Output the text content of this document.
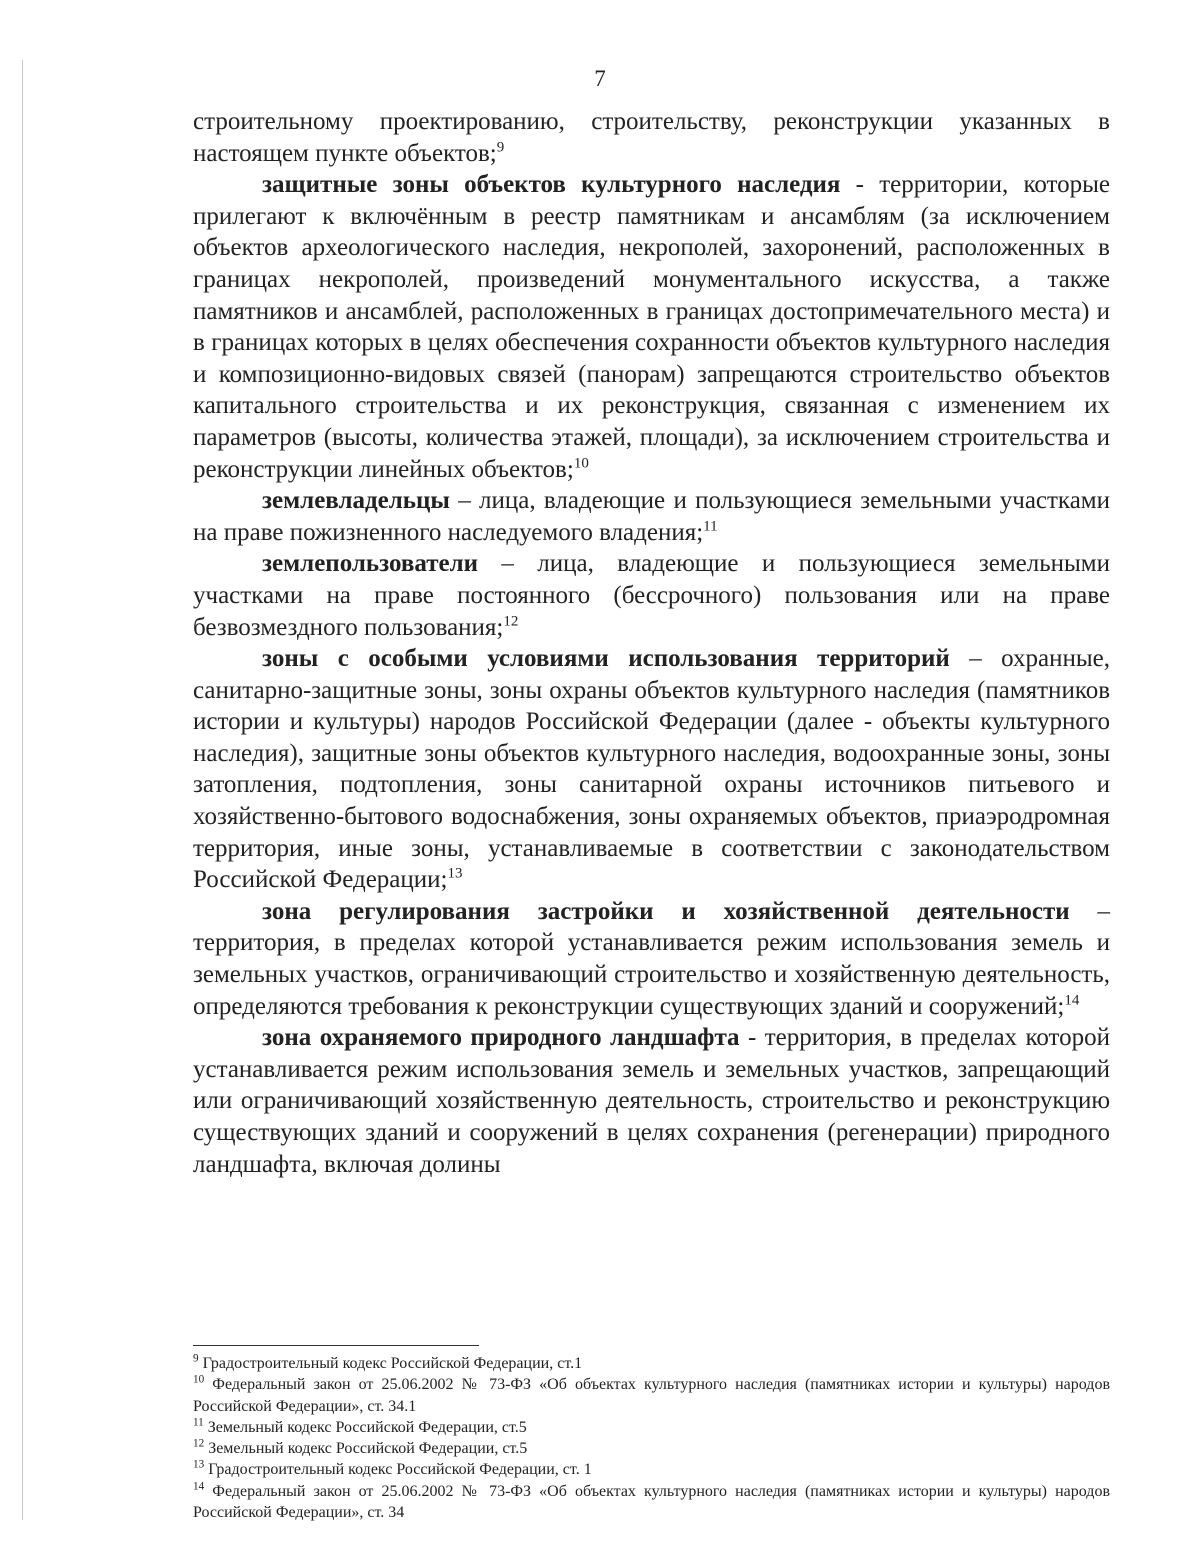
7

строительному проектированию, строительству, реконструкции указанных в настоящем пункте объектов;$^9$

защитные зоны объектов культурного наследия - территории, которые прилегают к включённым в реестр памятникам и ансамблям (за исключением объектов археологического наследия, некрополей, захоронений, расположенных в границах некрополей, произведений монументального искусства, а также памятников и ансамблей, расположенных в границах достопримечательного места) и в границах которых в целях обеспечения сохранности объектов культурного наследия и композиционно-видовых связей (панорам) запрещаются строительство объектов капитального строительства и их реконструкция, связанная с изменением их параметров (высоты, количества этажей, площади), за исключением строительства и реконструкции линейных объектов;$^{10}$

землевладельцы – лица, владеющие и пользующиеся земельными участками на праве пожизненного наследуемого владения;$^{11}$

землепользователи – лица, владеющие и пользующиеся земельными участками на праве постоянного (бессрочного) пользования или на праве безвозмездного пользования;$^{12}$

зоны с особыми условиями использования территорий – охранные, санитарно-защитные зоны, зоны охраны объектов культурного наследия (памятников истории и культуры) народов Российской Федерации (далее - объекты культурного наследия), защитные зоны объектов культурного наследия, водоохранные зоны, зоны затопления, подтопления, зоны санитарной охраны источников питьевого и хозяйственно-бытового водоснабжения, зоны охраняемых объектов, приаэродромная территория, иные зоны, устанавливаемые в соответствии с законодательством Российской Федерации;$^{13}$

зона регулирования застройки и хозяйственной деятельности – территория, в пределах которой устанавливается режим использования земель и земельных участков, ограничивающий строительство и хозяйственную деятельность, определяются требования к реконструкции существующих зданий и сооружений;$^{14}$

зона охраняемого природного ландшафта - территория, в пределах которой устанавливается режим использования земель и земельных участков, запрещающий или ограничивающий хозяйственную деятельность, строительство и реконструкцию существующих зданий и сооружений в целях сохранения (регенерации) природного ландшафта, включая долины

$^9$ Градостроительный кодекс Российской Федерации, ст.1

$^{10}$ Федеральный закон от 25.06.2002 № 73-ФЗ «Об объектах культурного наследия (памятниках истории и культуры) народов Российской Федерации», ст. 34.1

$^{11}$ Земельный кодекс Российской Федерации, ст.5

$^{12}$ Земельный кодекс Российской Федерации, ст.5

$^{13}$ Градостроительный кодекс Российской Федерации, ст. 1

$^{14}$ Федеральный закон от 25.06.2002 № 73-ФЗ «Об объектах культурного наследия (памятниках истории и культуры) народов Российской Федерации», ст. 34
